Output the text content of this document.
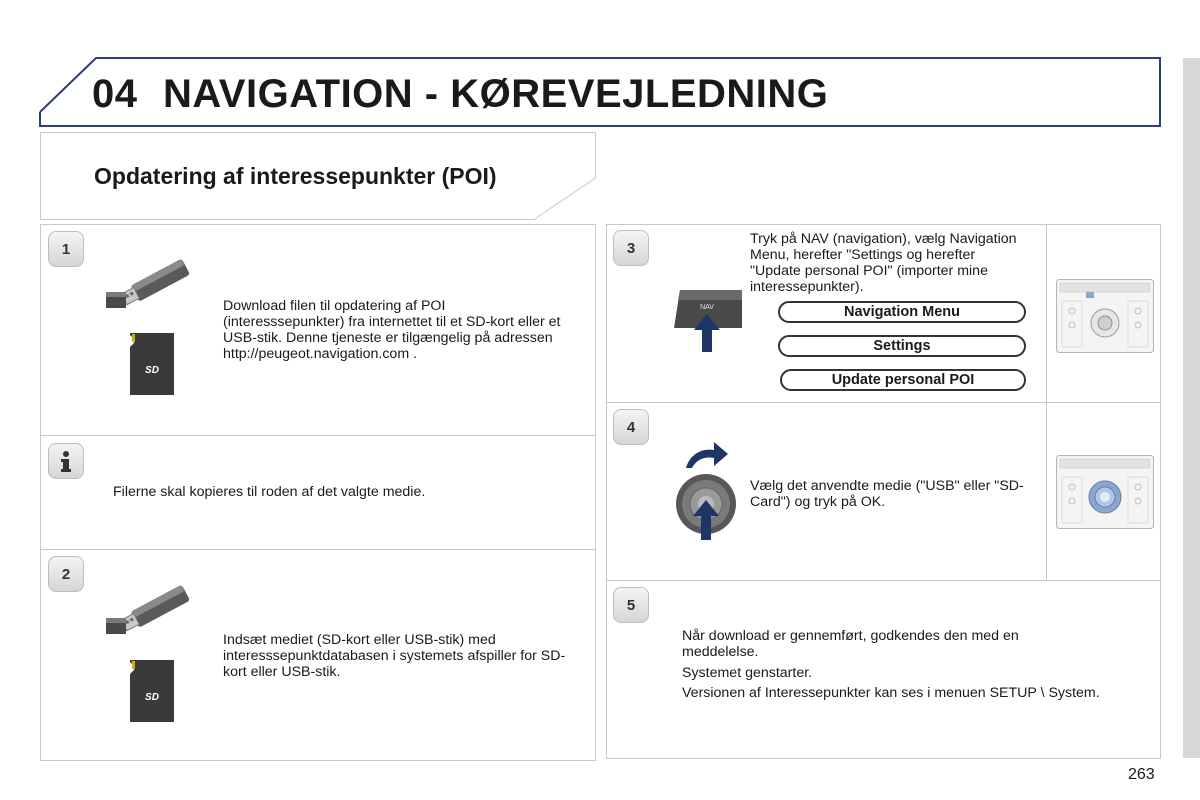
04 NAVIGATION - KØREVEJLEDNING
Opdatering af interessepunkter (POI)
1
SD
Download filen til opdatering af POI (interesssepunkter) fra internettet til et SD-kort eller et USB-stik. Denne tjeneste er tilgængelig på adressen http://peugeot.navigation.com .
Filerne skal kopieres til roden af det valgte medie.
2
SD
Indsæt mediet (SD-kort eller USB-stik) med interesssepunktdatabasen i systemets afspiller for SD-kort eller USB-stik.
3
NAV
Tryk på NAV (navigation), vælg Navigation Menu, herefter "Settings og herefter "Update personal POI" (importer mine interessepunkter).
Navigation Menu
Settings
Update personal POI
4
Vælg det anvendte medie ("USB" eller "SD-Card") og tryk på OK.
5
Når download er gennemført, godkendes den med en meddelelse.
Systemet genstarter.
Versionen af Interessepunkter kan ses i menuen SETUP \ System.
263
